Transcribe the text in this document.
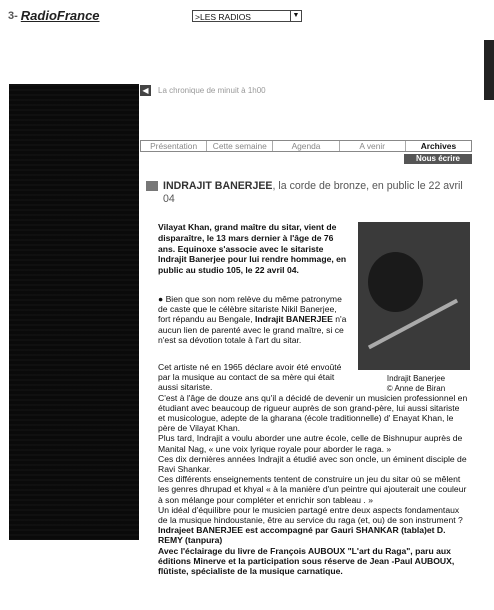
3- RadioFrance	>LES RADIOS	▼
◀	La chronique de minuit à 1h00
Présentation	Cette semaine	Agenda	A venir	Archives
Nous écrire
INDRAJIT BANERJEE, la corde de bronze, en public le 22 avril 04
Vilayat Khan, grand maître du sitar, vient de disparaître, le 13 mars dernier à l'âge de 76 ans. Equinoxe s'associe avec le sitariste Indrajit Banerjee pour lui rendre hommage, en public au studio 105, le 22 avril 04.
Indrajit Banerjee
© Anne de Biran
● Bien que son nom relève du même patronyme de caste que le célèbre sitariste Nikil Banerjee, fort répandu au Bengale, Indrajit BANERJEE n'a aucun lien de parenté avec le grand maître, si ce n'est sa dévotion totale à l'art du sitar.

Cet artiste né en 1965 déclare avoir été envoûté par la musique au contact de sa mère qui était aussi sitariste.

C'est à l'âge de douze ans qu'il a décidé de devenir un musicien professionnel en étudiant avec beaucoup de rigueur auprès de son grand-père, lui aussi sitariste et musicologue, adepte de la gharana (école traditionnelle) d' Enayat Khan, le père de Vilayat Khan.

Plus tard, Indrajit a voulu aborder une autre école, celle de Bishnupur auprès de Manital Nag, « une voix lyrique royale pour aborder le raga. »

Ces dix dernières années Indrajit a étudié avec son oncle, un éminent disciple de Ravi Shankar.

Ces différents enseignements tentent de construire un jeu du sitar où se mêlent les genres dhrupad et khyal « à la manière d'un peintre qui ajouterait une couleur à son mélange pour compléter et enrichir son tableau . »

Un idéal d'équilibre pour le musicien partagé entre deux aspects fondamentaux de la musique hindoustanie, être au service du raga (et, ou) de son instrument ?

Indrajeet BANERJEE est accompagné par Gauri SHANKAR (tabla)et D. REMY (tanpura)

Avec l'éclairage du livre de François AUBOUX "L'art du Raga", paru aux éditions Minerve et la participation sous réserve de Jean -Paul AUBOUX, flûtiste, spécialiste de la musique carnatique.
